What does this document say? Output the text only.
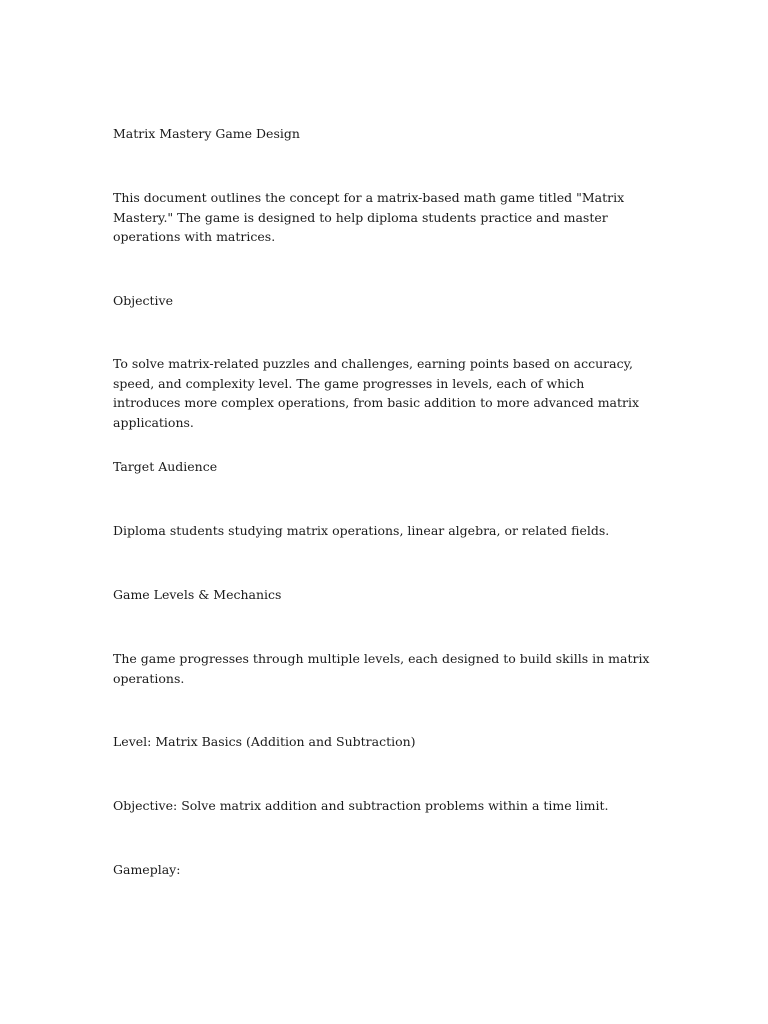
Matrix Mastery Game Design

This document outlines the concept for a matrix-based math game titled "Matrix Mastery." The game is designed to help diploma students practice and master operations with matrices.

Objective

To solve matrix-related puzzles and challenges, earning points based on accuracy, speed, and complexity level. The game progresses in levels, each of which introduces more complex operations, from basic addition to more advanced matrix applications.

Target Audience

Diploma students studying matrix operations, linear algebra, or related fields.

Game Levels & Mechanics

The game progresses through multiple levels, each designed to build skills in matrix operations.

Level: Matrix Basics (Addition and Subtraction)

Objective: Solve matrix addition and subtraction problems within a time limit.

Gameplay:
